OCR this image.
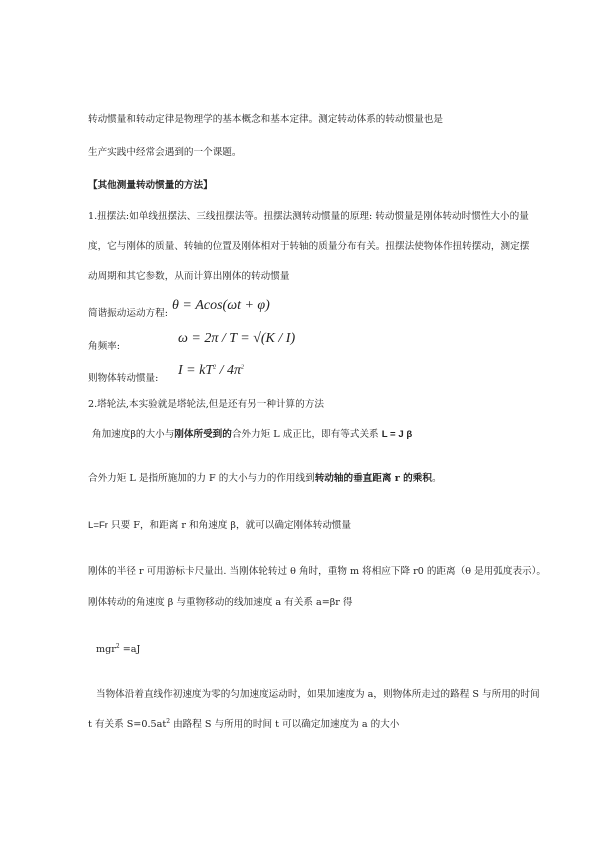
转动惯量和转动定律是物理学的基本概念和基本定律。测定转动体系的转动惯量也是
生产实践中经常会遇到的一个课题。
【其他测量转动惯量的方法】
1.扭摆法:如单线扭摆法、三线扭摆法等。扭摆法测转动惯量的原理: 转动惯量是刚体转动时惯性大小的量
度，它与刚体的质量、转轴的位置及刚体相对于转轴的质量分布有关。扭摆法使物体作扭转摆动，测定摆
动周期和其它参数，从而计算出刚体的转动惯量
简谐振动运动方程:
θ = Acos(ωt + φ)
角频率:
ω = 2π / T = √(K / I)
则物体转动惯量:
$I = kT^2 / 4\pi^2$
2.塔轮法,本实验就是塔轮法,但是还有另一种计算的方法
角加速度β的大小与刚体所受到的合外力矩 L 成正比，即有等式关系 L = J β
合外力矩 L 是指所施加的力 F 的大小与力的作用线到转动轴的垂直距离 r 的乘积。
L=Fr 只要 F，和距离 r 和角速度 β，就可以确定刚体转动惯量
刚体的半径 r 可用游标卡尺量出. 当刚体轮转过 θ 角时，重物 m 将相应下降 r0 的距离（θ 是用弧度表示）。
刚体转动的角速度 β 与重物移动的线加速度 a 有关系 a=βr 得
mgr$^2$ =aJ
当物体沿着直线作初速度为零的匀加速度运动时，如果加速度为 a，则物体所走过的路程 S 与所用的时间
t 有关系 $S=0.5at^2$ 由路程 S 与所用的时间 t 可以确定加速度为 a 的大小
